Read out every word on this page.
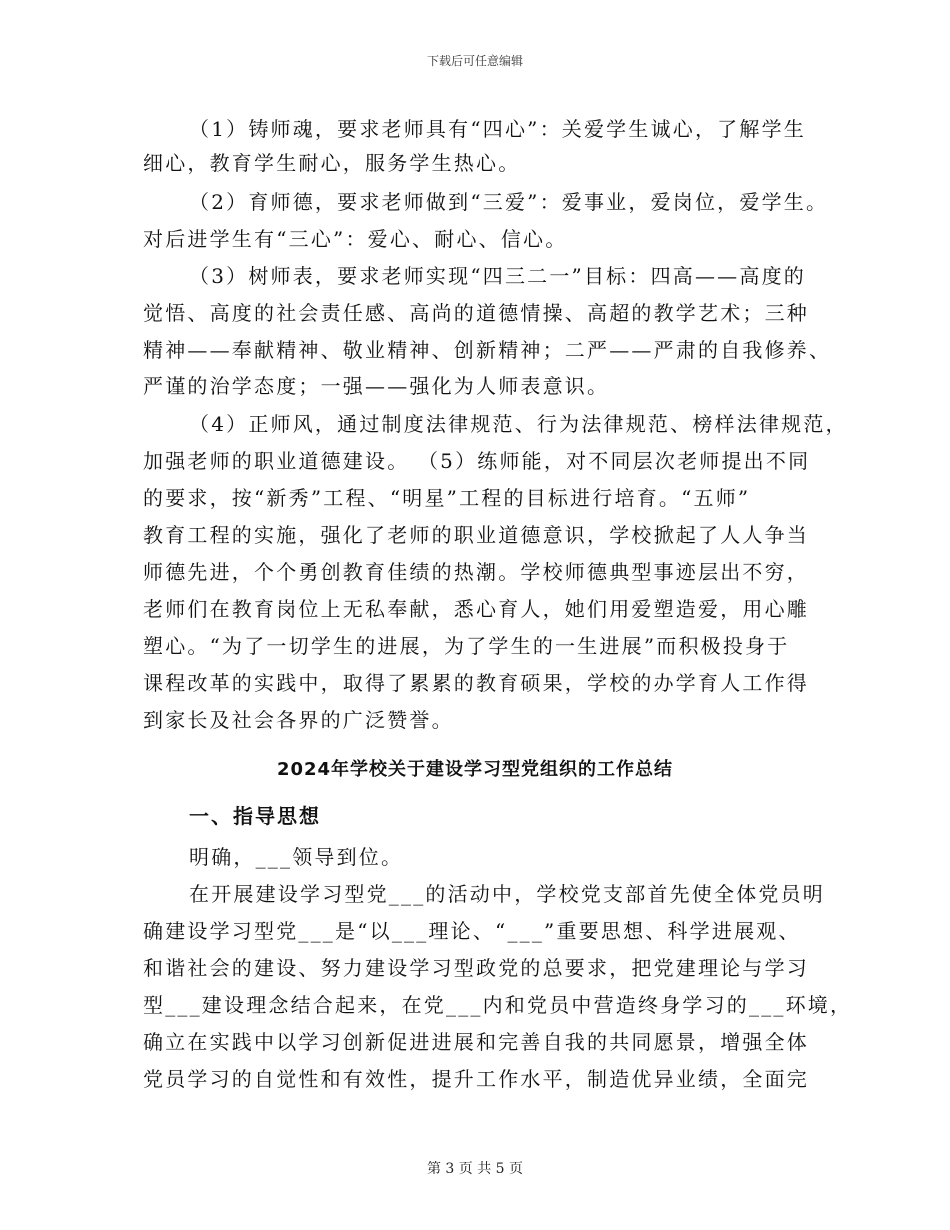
下载后可任意编辑
（1）铸师魂，要求老师具有“四心”：关爱学生诚心，了解学生
细心，教育学生耐心，服务学生热心。
（2）育师德，要求老师做到“三爱”：爱事业，爱岗位，爱学生。
对后进学生有“三心”：爱心、耐心、信心。
（3）树师表，要求老师实现“四三二一”目标：四高——高度的
觉悟、高度的社会责任感、高尚的道德情操、高超的教学艺术；三种
精神——奉献精神、敬业精神、创新精神；二严——严肃的自我修养、
严谨的治学态度；一强——强化为人师表意识。
（4）正师风，通过制度法律规范、行为法律规范、榜样法律规范，
加强老师的职业道德建设。 （5）练师能，对不同层次老师提出不同
的要求，按“新秀”工程、“明星”工程的目标进行培育。“五师”
教育工程的实施，强化了老师的职业道德意识，学校掀起了人人争当
师德先进，个个勇创教育佳绩的热潮。学校师德典型事迹层出不穷，
老师们在教育岗位上无私奉献，悉心育人，她们用爱塑造爱，用心雕
塑心。“为了一切学生的进展，为了学生的一生进展”而积极投身于
课程改革的实践中，取得了累累的教育硕果，学校的办学育人工作得
到家长及社会各界的广泛赞誉。
2024年学校关于建设学习型党组织的工作总结
一、指导思想
明确，___领导到位。
在开展建设学习型党___的活动中，学校党支部首先使全体党员明
确建设学习型党___是“以___理论、“___”重要思想、科学进展观、
和谐社会的建设、努力建设学习型政党的总要求，把党建理论与学习
型___建设理念结合起来，在党___内和党员中营造终身学习的___环境，
确立在实践中以学习创新促进进展和完善自我的共同愿景，增强全体
党员学习的自觉性和有效性，提升工作水平，制造优异业绩，全面完
第 3 页 共 5 页
